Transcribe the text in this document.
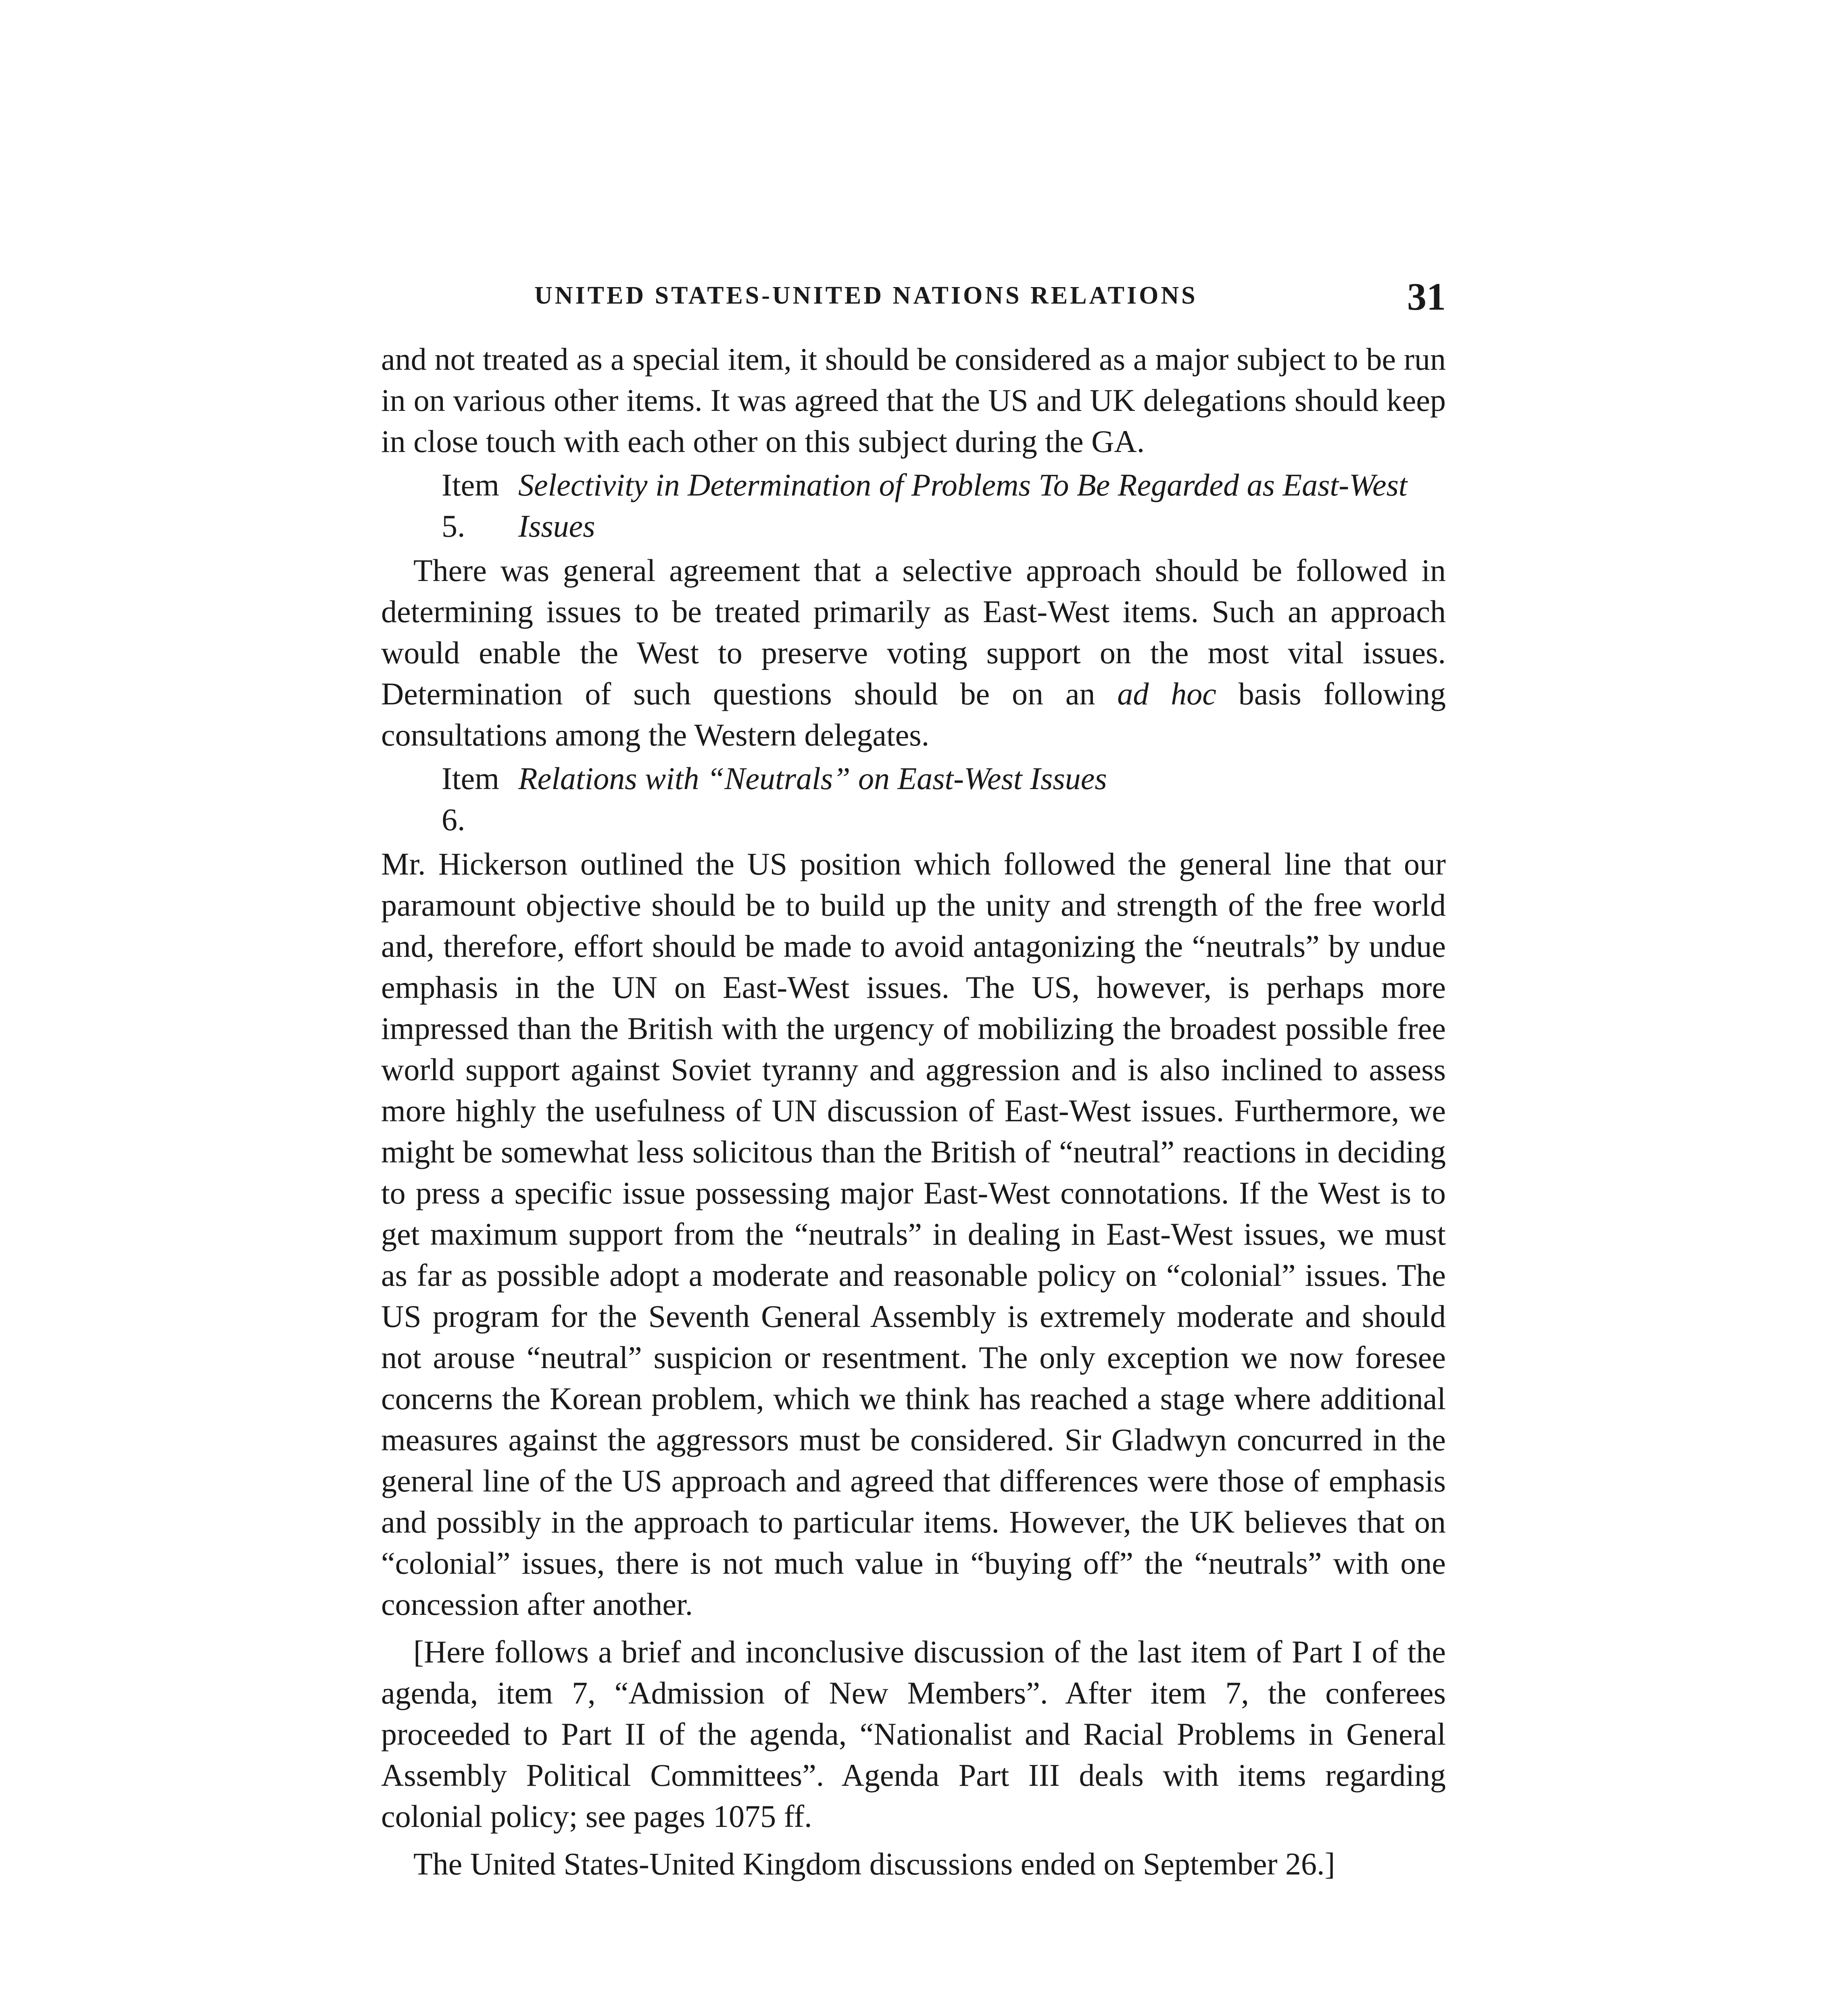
UNITED STATES-UNITED NATIONS RELATIONS	31

and not treated as a special item, it should be considered as a major subject to be run in on various other items. It was agreed that the US and UK delegations should keep in close touch with each other on this subject during the GA.

Item 5.
Selectivity in Determination of Problems To Be Regarded as East-West Issues

There was general agreement that a selective approach should be followed in determining issues to be treated primarily as East-West items. Such an approach would enable the West to preserve voting support on the most vital issues. Determination of such questions should be on an ad hoc basis following consultations among the Western delegates.

Item 6.
Relations with “Neutrals” on East-West Issues

Mr. Hickerson outlined the US position which followed the general line that our paramount objective should be to build up the unity and strength of the free world and, therefore, effort should be made to avoid antagonizing the “neutrals” by undue emphasis in the UN on East-West issues. The US, however, is perhaps more impressed than the British with the urgency of mobilizing the broadest possible free world support against Soviet tyranny and aggression and is also inclined to assess more highly the usefulness of UN discussion of East-West issues. Furthermore, we might be somewhat less solicitous than the British of “neutral” reactions in deciding to press a specific issue possessing major East-West connotations. If the West is to get maximum support from the “neutrals” in dealing in East-West issues, we must as far as possible adopt a moderate and reasonable policy on “colonial” issues. The US program for the Seventh General Assembly is extremely moderate and should not arouse “neutral” suspicion or resentment. The only exception we now foresee concerns the Korean problem, which we think has reached a stage where additional measures against the aggressors must be considered. Sir Gladwyn concurred in the general line of the US approach and agreed that differences were those of emphasis and possibly in the approach to particular items. However, the UK believes that on “colonial” issues, there is not much value in “buying off” the “neutrals” with one concession after another.

[Here follows a brief and inconclusive discussion of the last item of Part I of the agenda, item 7, “Admission of New Members”. After item 7, the conferees proceeded to Part II of the agenda, “Nationalist and Racial Problems in General Assembly Political Committees”. Agenda Part III deals with items regarding colonial policy; see pages 1075 ff.

The United States-United Kingdom discussions ended on September 26.]
